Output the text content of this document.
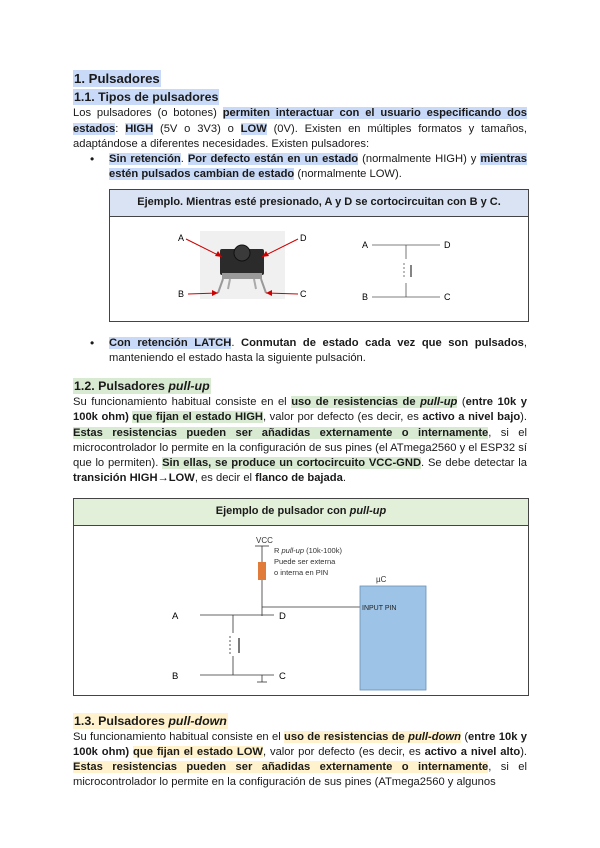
1. Pulsadores
1.1. Tipos de pulsadores

Los pulsadores (o botones) permiten interactuar con el usuario especificando dos estados: HIGH (5V o 3V3) o LOW (0V). Existen en múltiples formatos y tamaños, adaptándose a diferentes necesidades. Existen pulsadores:

• Sin retención. Por defecto están en un estado (normalmente HIGH) y mientras estén pulsados cambian de estado (normalmente LOW).

Ejemplo. Mientras esté presionado, A y D se cortocircuitan con B y C.
A	D
B	C
A	D
B	C

• Con retención LATCH. Conmutan de estado cada vez que son pulsados, manteniendo el estado hasta la siguiente pulsación.

1.2. Pulsadores pull-up

Su funcionamiento habitual consiste en el uso de resistencias de pull-up (entre 10k y 100k ohm) que fijan el estado HIGH, valor por defecto (es decir, es activo a nivel bajo). Estas resistencias pueden ser añadidas externamente o internamente, si el microcontrolador lo permite en la configuración de sus pines (el ATmega2560 y el ESP32 sí que lo permiten). Sin ellas, se produce un cortocircuito VCC-GND. Se debe detectar la transición HIGH→LOW, es decir el flanco de bajada.

Ejemplo de pulsador con pull-up
VCC
R pull-up (10k-100k)
Puede ser externa
o interna en PIN
A	D
B	C
µC
INPUT PIN
1.3. Pulsadores pull-down

Su funcionamiento habitual consiste en el uso de resistencias de pull-down (entre 10k y 100k ohm) que fijan el estado LOW, valor por defecto (es decir, es activo a nivel alto). Estas resistencias pueden ser añadidas externamente o internamente, si el microcontrolador lo permite en la configuración de sus pines (ATmega2560 y algunos
